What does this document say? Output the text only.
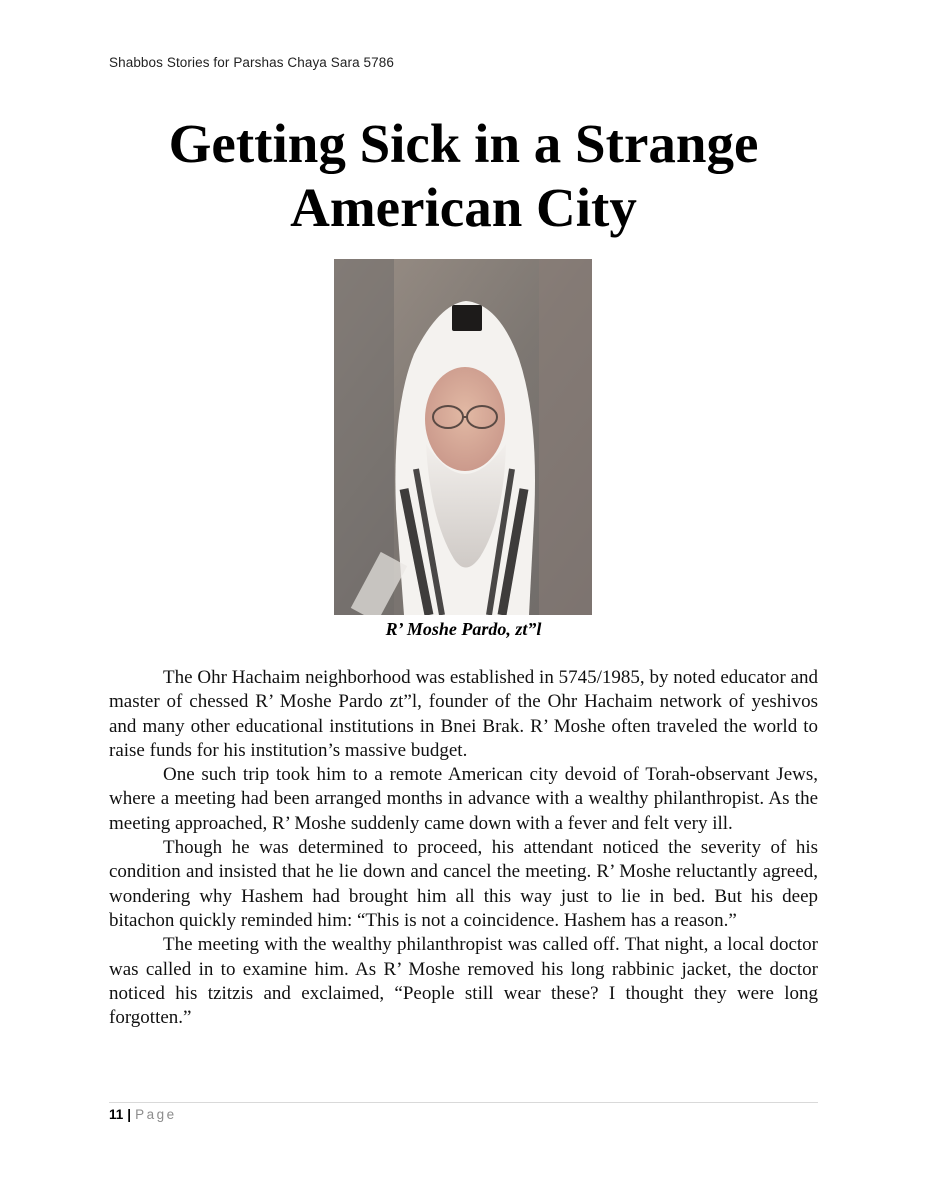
Shabbos Stories for Parshas Chaya Sara 5786
Getting Sick in a Strange American City
R’ Moshe Pardo, zt”l

The Ohr Hachaim neighborhood was established in 5745/1985, by noted educator and master of chessed R’ Moshe Pardo zt”l, founder of the Ohr Hachaim network of yeshivos and many other educational institutions in Bnei Brak. R’ Moshe often traveled the world to raise funds for his institution’s massive budget.

One such trip took him to a remote American city devoid of Torah-observant Jews, where a meeting had been arranged months in advance with a wealthy philanthropist. As the meeting approached, R’ Moshe suddenly came down with a fever and felt very ill.

Though he was determined to proceed, his attendant noticed the severity of his condition and insisted that he lie down and cancel the meeting. R’ Moshe reluctantly agreed, wondering why Hashem had brought him all this way just to lie in bed. But his deep bitachon quickly reminded him: “This is not a coincidence. Hashem has a reason.”

The meeting with the wealthy philanthropist was called off. That night, a local doctor was called in to examine him. As R’ Moshe removed his long rabbinic jacket, the doctor noticed his tzitzis and exclaimed, “People still wear these? I thought they were long forgotten.”

11 | Page
